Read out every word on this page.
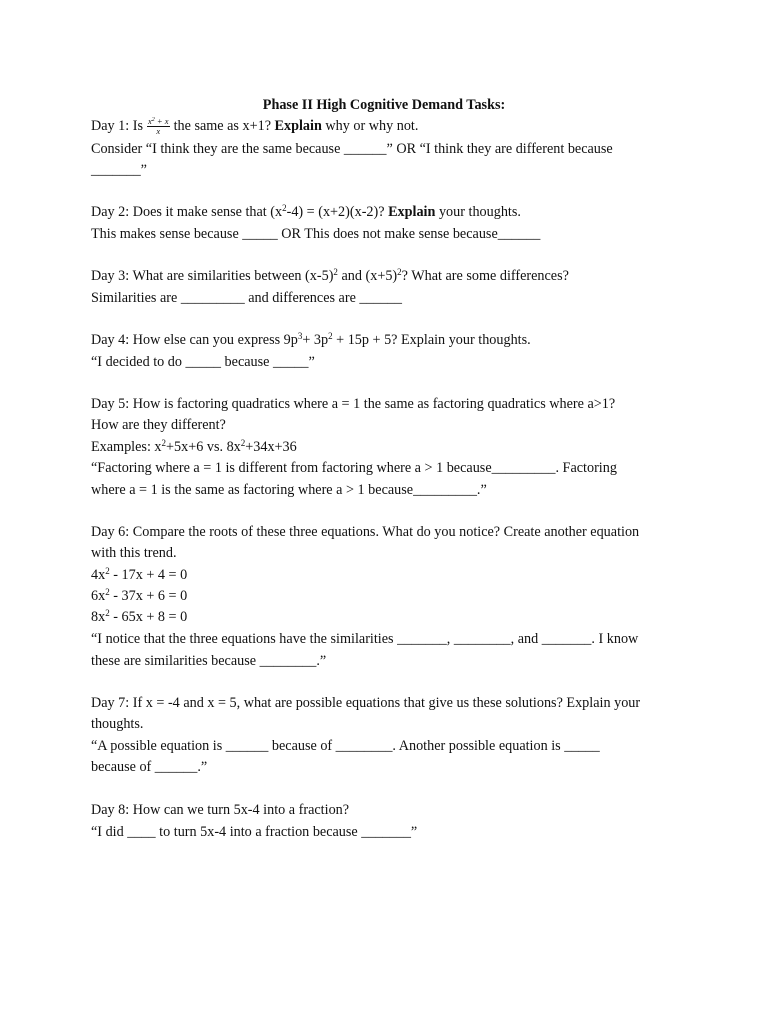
Phase II High Cognitive Demand Tasks:
Day 1: Is $\frac{x^2 + x}{x}$ the same as x+1? Explain why or why not.
Consider “I think they are the same because ______” OR “I think they are different because
_______”
Day 2: Does it make sense that $(x^2-4) = (x+2)(x-2)$? Explain your thoughts.
This makes sense because _____ OR This does not make sense because______
Day 3: What are similarities between $(x-5)^2$ and $(x+5)^2$? What are some differences?
Similarities are _________ and differences are ______
Day 4: How else can you express $9p^3+ 3p^2 + 15p + 5$? Explain your thoughts.
“I decided to do _____ because _____”
Day 5: How is factoring quadratics where a = 1 the same as factoring quadratics where a>1?
How are they different?
Examples: $x^2+5x+6$ vs. $8x^2+34x+36$
“Factoring where a = 1 is different from factoring where a > 1 because_________. Factoring
where a = 1 is the same as factoring where a > 1 because_________.”
Day 6: Compare the roots of these three equations. What do you notice? Create another equation
with this trend.
$4x^2 - 17x + 4 = 0$
$6x^2 - 37x + 6 = 0$
$8x^2 - 65x + 8 = 0$
“I notice that the three equations have the similarities _______, ________, and _______. I know
these are similarities because ________.”
Day 7: If x = -4 and x = 5, what are possible equations that give us these solutions? Explain your
thoughts.
“A possible equation is ______ because of ________. Another possible equation is _____
because of ______.”
Day 8: How can we turn 5x-4 into a fraction?
“I did ____ to turn 5x-4 into a fraction because _______”
